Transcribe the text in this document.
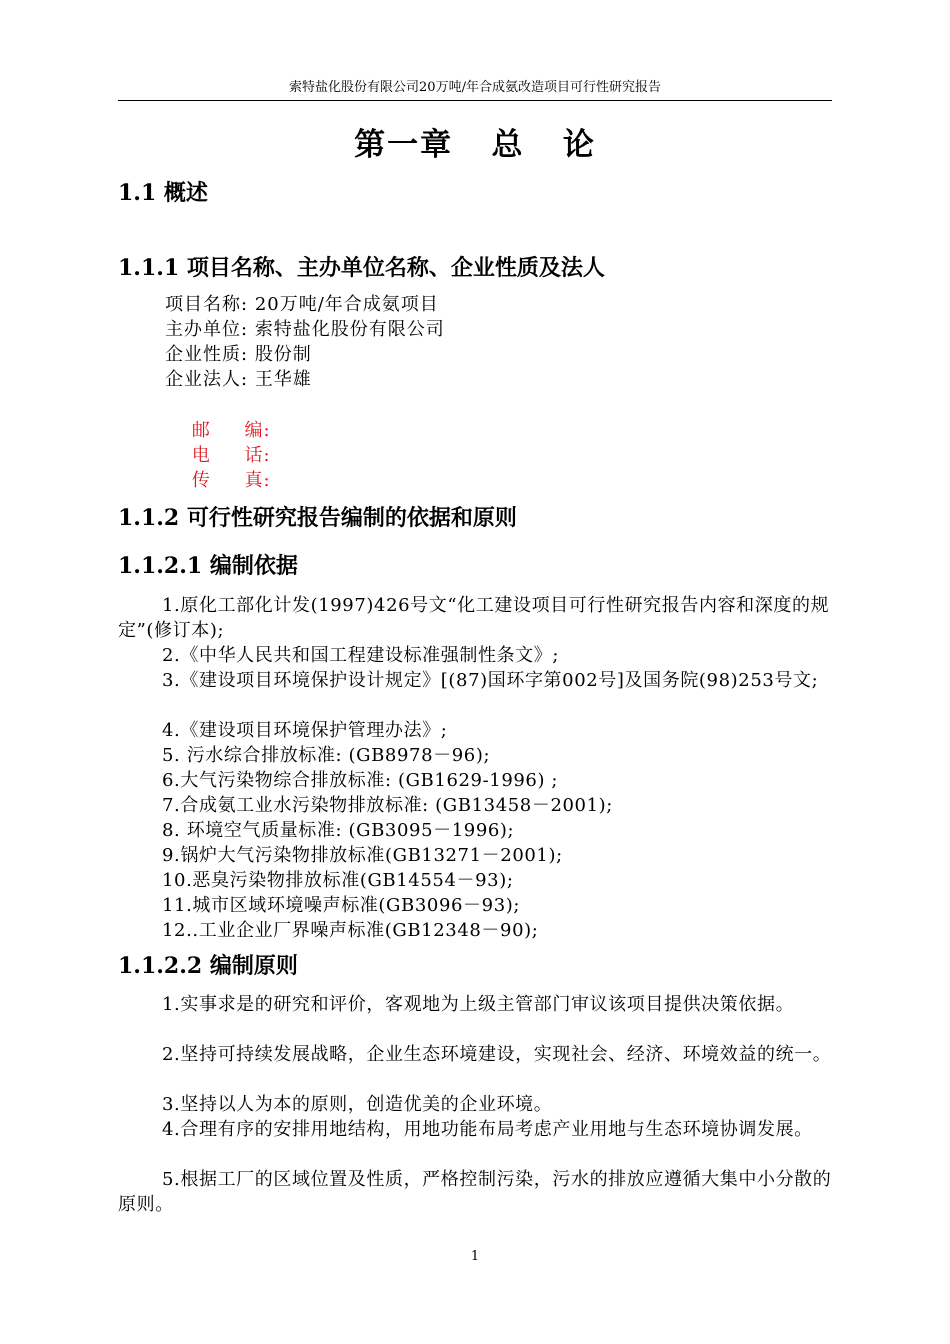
索特盐化股份有限公司20万吨/年合成氨改造项目可行性研究报告
第一章   总   论
1.1 概述
1.1.1 项目名称、主办单位名称、企业性质及法人
项目名称: 20万吨/年合成氨项目
主办单位: 索特盐化股份有限公司
企业性质: 股份制
企业法人: 王华雄

邮     编:

电     话:

传     真:

1.1.2 可行性研究报告编制的依据和原则
1.1.2.1 编制依据
1.原化工部化计发(1997)426号文“化工建设项目可行性研究报告内容和深度的规定”(修订本);
2.《中华人民共和国工程建设标准强制性条文》;
3.《建设项目环境保护设计规定》[(87)国环字第002号]及国务院(98)253号文;
4.《建设项目环境保护管理办法》;
5. 污水综合排放标准: (GB8978－96);
6.大气污染物综合排放标准: (GB1629-1996) ;
7.合成氨工业水污染物排放标准: (GB13458－2001);
8. 环境空气质量标准: (GB3095－1996);
9.锅炉大气污染物排放标准(GB13271－2001);
10.恶臭污染物排放标准(GB14554－93);
11.城市区域环境噪声标准(GB3096－93);
12..工业企业厂界噪声标准(GB12348－90);
1.1.2.2 编制原则
1.实事求是的研究和评价，客观地为上级主管部门审议该项目提供决策依据。
2.坚持可持续发展战略，企业生态环境建设，实现社会、经济、环境效益的统一。
3.坚持以人为本的原则，创造优美的企业环境。
4.合理有序的安排用地结构，用地功能布局考虑产业用地与生态环境协调发展。
5.根据工厂的区域位置及性质，严格控制污染，污水的排放应遵循大集中小分散的原则。
1
